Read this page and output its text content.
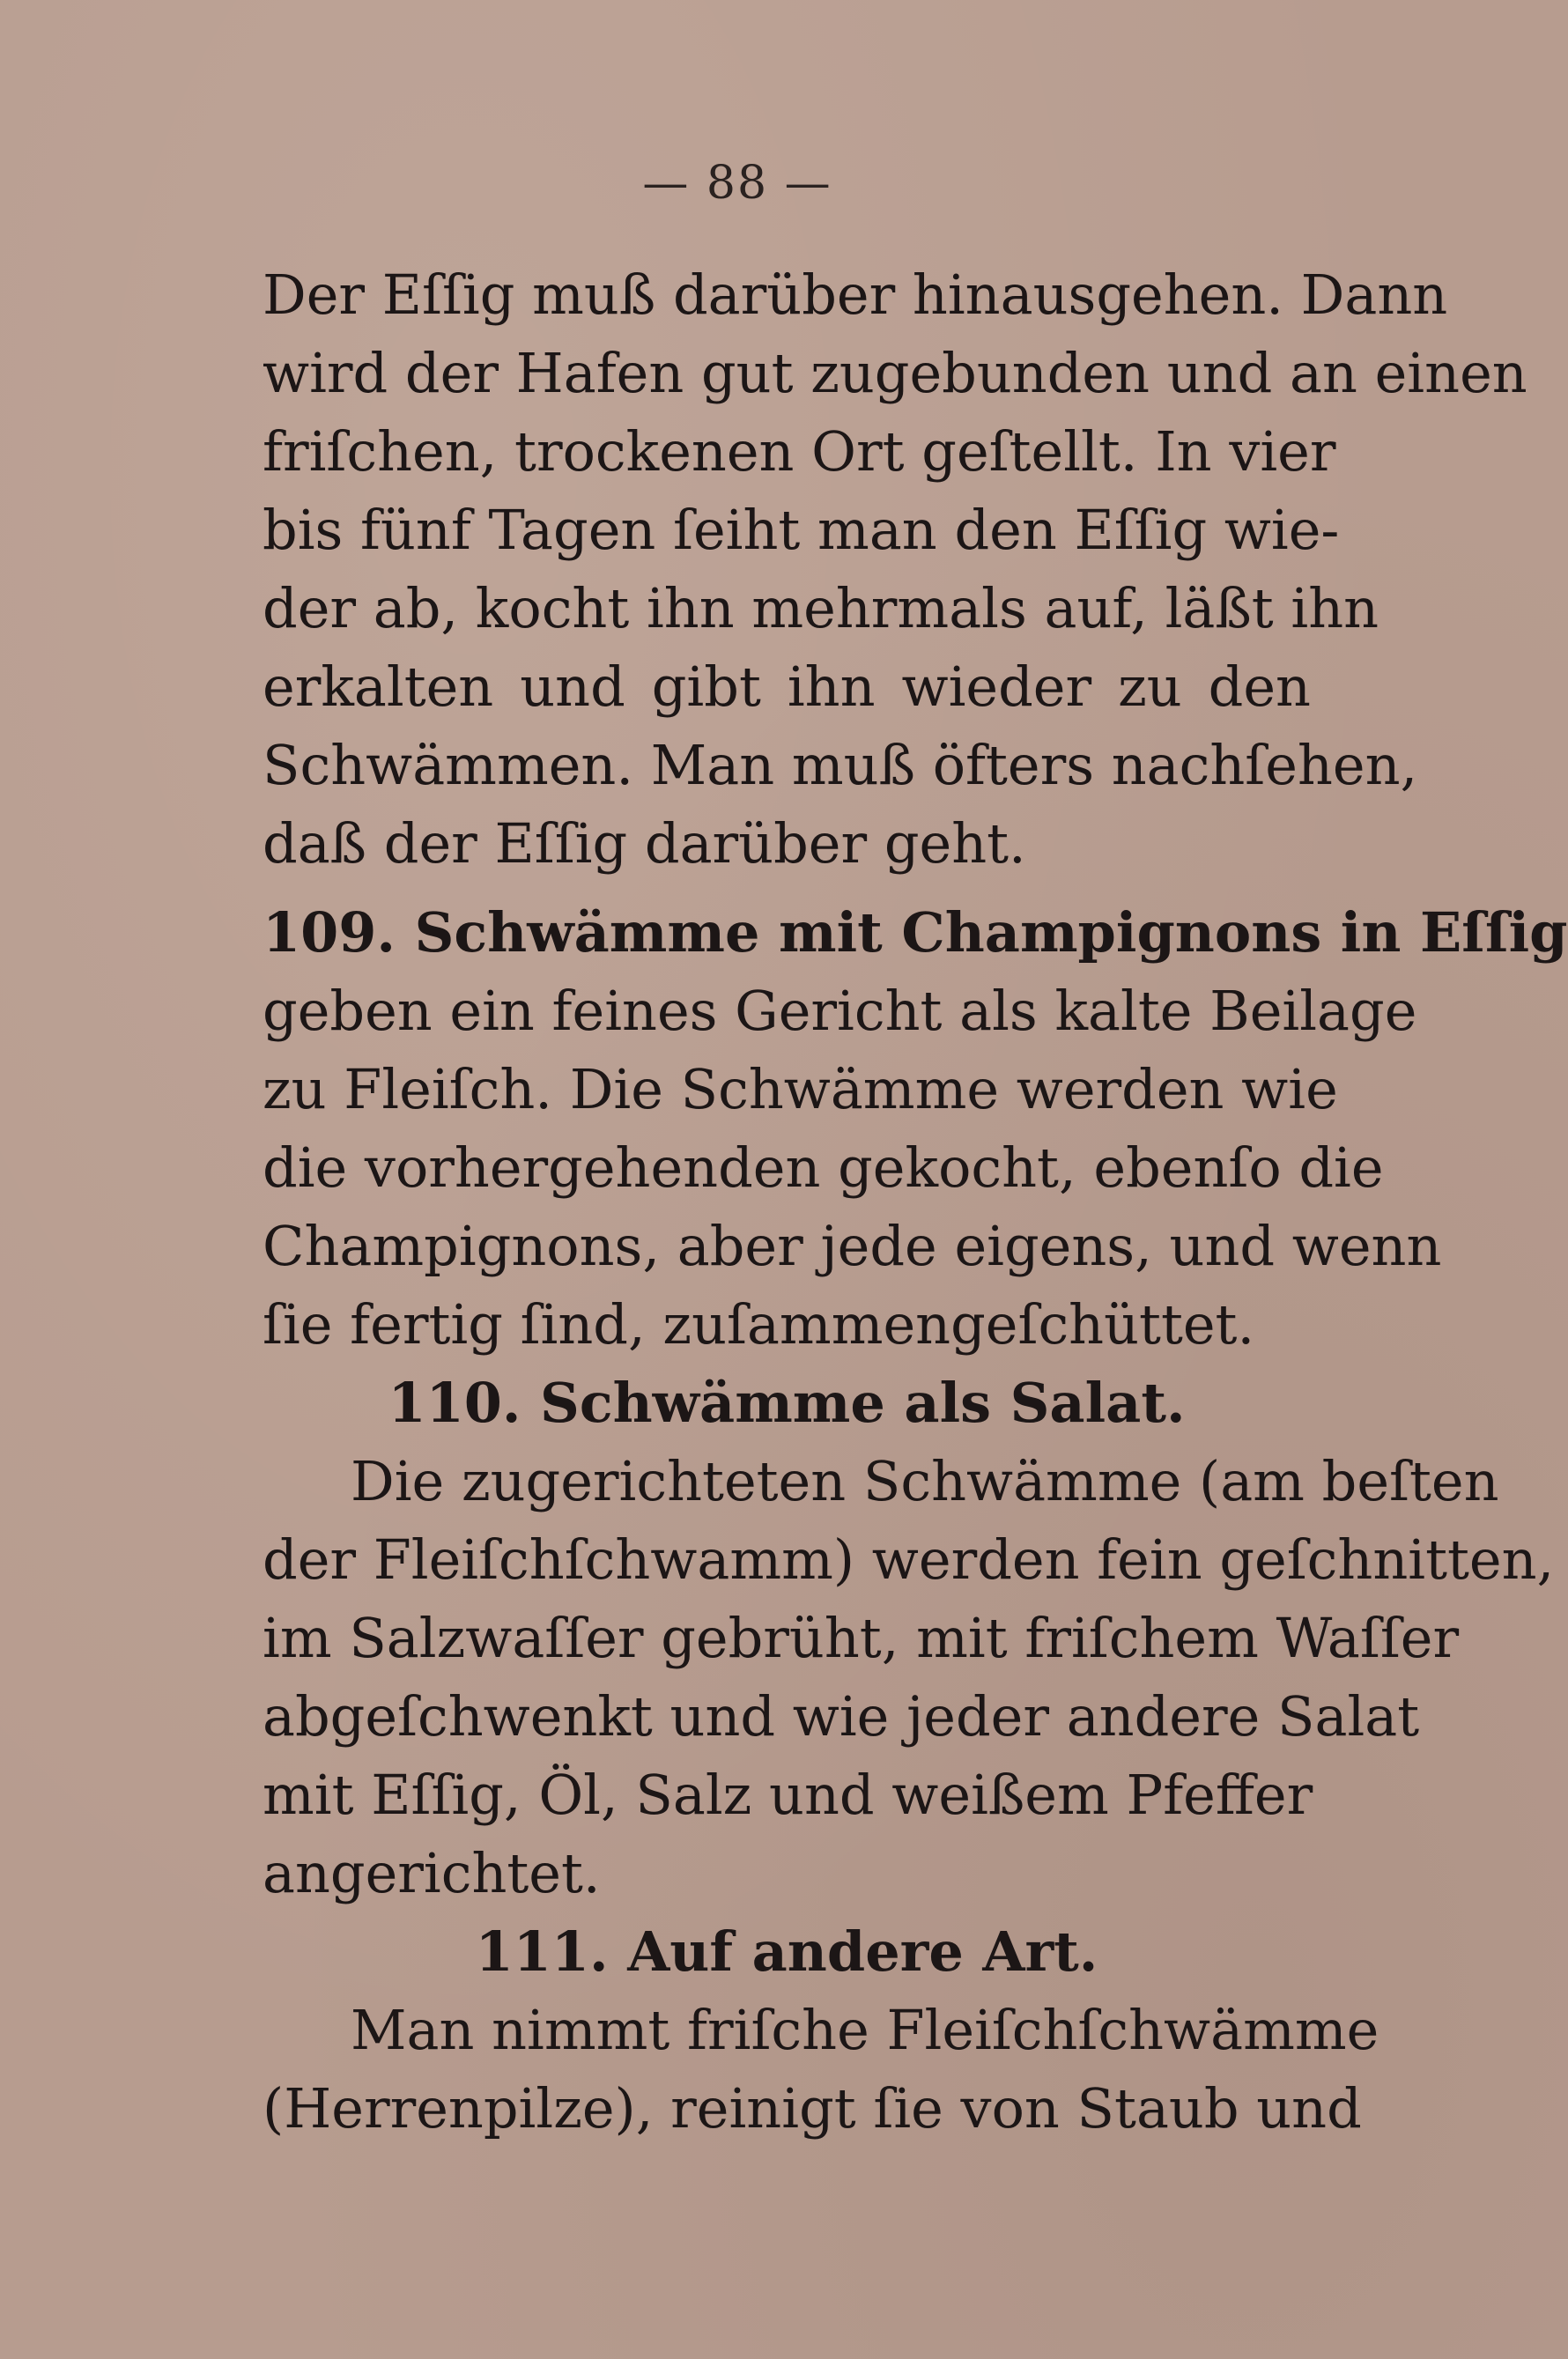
— 88 —
Der Eſſig muß darüber hinausgehen. Dann
wird der Hafen gut zugebunden und an einen
friſchen, trockenen Ort geſtellt. In vier
bis fünf Tagen ſeiht man den Eſſig wie-
der ab, kocht ihn mehrmals auf, läßt ihn
erkalten und gibt ihn wieder zu den
Schwämmen. Man muß öfters nachſehen,
daß der Eſſig darüber geht.
109. Schwämme mit Champignons in Eſſig
geben ein feines Gericht als kalte Beilage
zu Fleiſch. Die Schwämme werden wie
die vorhergehenden gekocht, ebenſo die
Champignons, aber jede eigens, und wenn
ſie fertig ſind, zuſammengeſchüttet.
110. Schwämme als Salat.
Die zugerichteten Schwämme (am beſten
der Fleiſchſchwamm) werden fein geſchnitten,
im Salzwaſſer gebrüht, mit friſchem Waſſer
abgeſchwenkt und wie jeder andere Salat
mit Eſſig, Öl, Salz und weißem Pfeffer
angerichtet.
111. Auf andere Art.
Man nimmt friſche Fleiſchſchwämme
(Herrenpilze), reinigt ſie von Staub und
